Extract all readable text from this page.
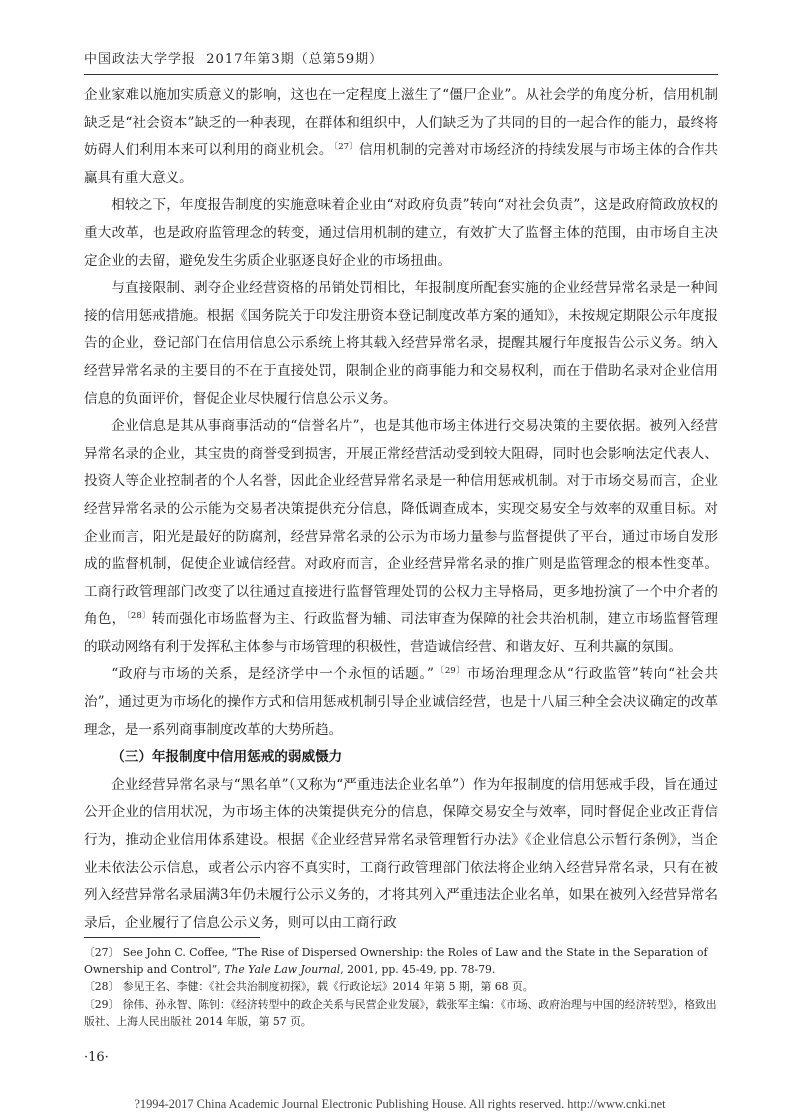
中国政法大学学报 2017年第3期（总第59期）

企业家难以施加实质意义的影响，这也在一定程度上滋生了“僵尸企业”。从社会学的角度分析，信用机制缺乏是“社会资本”缺乏的一种表现，在群体和组织中，人们缺乏为了共同的目的一起合作的能力，最终将妨碍人们利用本来可以利用的商业机会。$^{〔27〕}$信用机制的完善对市场经济的持续发展与市场主体的合作共赢具有重大意义。

相较之下，年度报告制度的实施意味着企业由“对政府负责”转向“对社会负责”，这是政府简政放权的重大改革，也是政府监管理念的转变，通过信用机制的建立，有效扩大了监督主体的范围，由市场自主决定企业的去留，避免发生劣质企业驱逐良好企业的市场扭曲。

与直接限制、剥夺企业经营资格的吊销处罚相比，年报制度所配套实施的企业经营异常名录是一种间接的信用惩戒措施。根据《国务院关于印发注册资本登记制度改革方案的通知》，未按规定期限公示年度报告的企业，登记部门在信用信息公示系统上将其载入经营异常名录，提醒其履行年度报告公示义务。纳入经营异常名录的主要目的不在于直接处罚，限制企业的商事能力和交易权利，而在于借助名录对企业信用信息的负面评价，督促企业尽快履行信息公示义务。

企业信息是其从事商事活动的“信誉名片”，也是其他市场主体进行交易决策的主要依据。被列入经营异常名录的企业，其宝贵的商誉受到损害，开展正常经营活动受到较大阻碍，同时也会影响法定代表人、投资人等企业控制者的个人名誉，因此企业经营异常名录是一种信用惩戒机制。对于市场交易而言，企业经营异常名录的公示能为交易者决策提供充分信息，降低调查成本，实现交易安全与效率的双重目标。对企业而言，阳光是最好的防腐剂，经营异常名录的公示为市场力量参与监督提供了平台，通过市场自发形成的监督机制，促使企业诚信经营。对政府而言，企业经营异常名录的推广则是监管理念的根本性变革。工商行政管理部门改变了以往通过直接进行监督管理处罚的公权力主导格局，更多地扮演了一个中介者的角色，$^{〔28〕}$转而强化市场监督为主、行政监督为辅、司法审查为保障的社会共治机制，建立市场监督管理的联动网络有利于发挥私主体参与市场管理的积极性，营造诚信经营、和谐友好、互利共赢的氛围。

“政府与市场的关系，是经济学中一个永恒的话题。”$^{〔29〕}$市场治理理念从“行政监管”转向“社会共治”，通过更为市场化的操作方式和信用惩戒机制引导企业诚信经营，也是十八届三种全会决议确定的改革理念，是一系列商事制度改革的大势所趋。

（三）年报制度中信用惩戒的弱威慑力

企业经营异常名录与“黑名单”（又称为“严重违法企业名单”）作为年报制度的信用惩戒手段，旨在通过公开企业的信用状况，为市场主体的决策提供充分的信息，保障交易安全与效率，同时督促企业改正背信行为，推动企业信用体系建设。根据《企业经营异常名录管理暂行办法》《企业信息公示暂行条例》，当企业未依法公示信息，或者公示内容不真实时，工商行政管理部门依法将企业纳入经营异常名录，只有在被列入经营异常名录届满3年仍未履行公示义务的，才将其列入严重违法企业名单，如果在被列入经营异常名录后，企业履行了信息公示义务，则可以由工商行政

〔27〕 See John C. Coffee, “The Rise of Dispersed Ownership: the Roles of Law and the State in the Separation of Ownership and Control”, The Yale Law Journal, 2001, pp. 45-49, pp. 78-79.

〔28〕 参见王名、李健：《社会共治制度初探》，载《行政论坛》2014 年第 5 期，第 68 页。

〔29〕 徐伟、孙永智、陈钊：《经济转型中的政企关系与民营企业发展》，载张军主编：《市场、政府治理与中国的经济转型》，格致出版社、上海人民出版社 2014 年版，第 57 页。

·16·
?1994-2017 China Academic Journal Electronic Publishing House. All rights reserved. http://www.cnki.net
